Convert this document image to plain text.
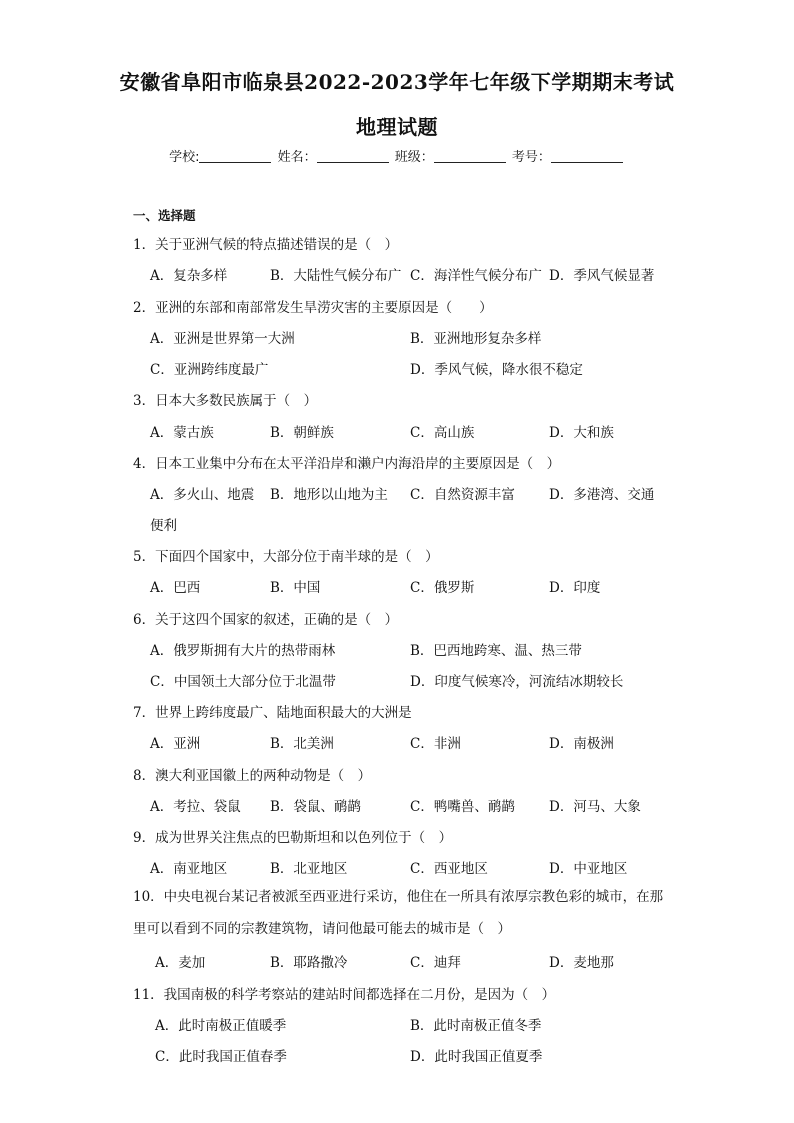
安徽省阜阳市临泉县2022-2023学年七年级下学期期末考试
地理试题
学校:	姓名：	班级：	考号：
一、选择题
1．关于亚洲气候的特点描述错误的是（　）
A．复杂多样	B．大陆性气候分布广 C．海洋性气候分布广 D．季风气候显著
2．亚洲的东部和南部常发生旱涝灾害的主要原因是（　　）
A．亚洲是世界第一大洲	B．亚洲地形复杂多样
C．亚洲跨纬度最广	D．季风气候，降水很不稳定
3．日本大多数民族属于（　）
A．蒙古族	B．朝鲜族	C．高山族	D．大和族
4．日本工业集中分布在太平洋沿岸和濑户内海沿岸的主要原因是（　）
A．多火山、地震 B．地形以山地为主 C．自然资源丰富	D．多港湾、交通
便利
5．下面四个国家中，大部分位于南半球的是（　）
A．巴西	B．中国	C．俄罗斯	D．印度
6．关于这四个国家的叙述，正确的是（　）
A．俄罗斯拥有大片的热带雨林	B．巴西地跨寒、温、热三带
C．中国领土大部分位于北温带	D．印度气候寒冷，河流结冰期较长
7．世界上跨纬度最广、陆地面积最大的大洲是
A．亚洲	B．北美洲	C．非洲	D．南极洲
8．澳大利亚国徽上的两种动物是（　）
A．考拉、袋鼠 B．袋鼠、鸸鹋	C．鸭嘴兽、鸸鹋	D．河马、大象
9．成为世界关注焦点的巴勒斯坦和以色列位于（　）
A．南亚地区	B．北亚地区	C．西亚地区	D．中亚地区
10．中央电视台某记者被派至西亚进行采访，他住在一所具有浓厚宗教色彩的城市，在那里可以看到不同的宗教建筑物，请问他最可能去的城市是（　）
A．麦加	B．耶路撒冷	C．迪拜	D．麦地那
11．我国南极的科学考察站的建站时间都选择在二月份，是因为（　）
A．此时南极正值暖季	B．此时南极正值冬季
C．此时我国正值春季	D．此时我国正值夏季
